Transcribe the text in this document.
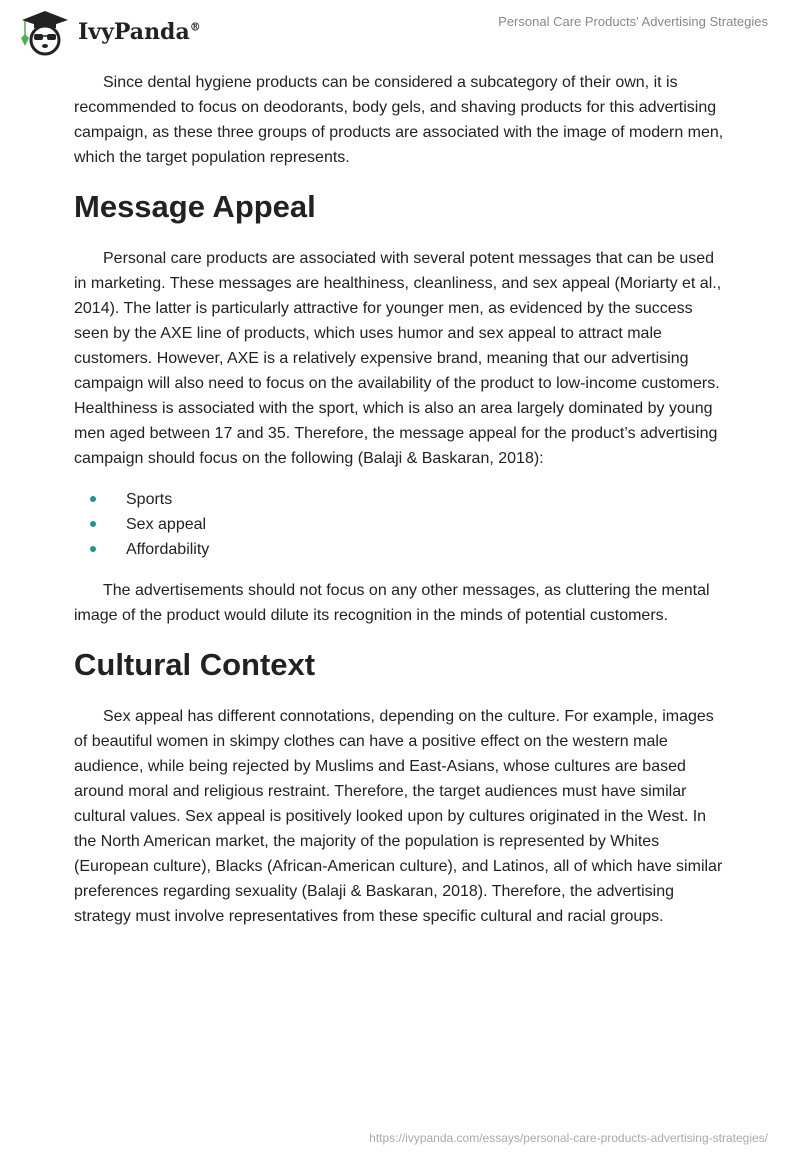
IvyPanda®	Personal Care Products' Advertising Strategies

Since dental hygiene products can be considered a subcategory of their own, it is recommended to focus on deodorants, body gels, and shaving products for this advertising campaign, as these three groups of products are associated with the image of modern men, which the target population represents.

Message Appeal

Personal care products are associated with several potent messages that can be used in marketing. These messages are healthiness, cleanliness, and sex appeal (Moriarty et al., 2014). The latter is particularly attractive for younger men, as evidenced by the success seen by the AXE line of products, which uses humor and sex appeal to attract male customers. However, AXE is a relatively expensive brand, meaning that our advertising campaign will also need to focus on the availability of the product to low-income customers. Healthiness is associated with the sport, which is also an area largely dominated by young men aged between 17 and 35. Therefore, the message appeal for the product’s advertising campaign should focus on the following (Balaji & Baskaran, 2018):

Sports
Sex appeal
Affordability

The advertisements should not focus on any other messages, as cluttering the mental image of the product would dilute its recognition in the minds of potential customers.

Cultural Context

Sex appeal has different connotations, depending on the culture. For example, images of beautiful women in skimpy clothes can have a positive effect on the western male audience, while being rejected by Muslims and East-Asians, whose cultures are based around moral and religious restraint. Therefore, the target audiences must have similar cultural values. Sex appeal is positively looked upon by cultures originated in the West. In the North American market, the majority of the population is represented by Whites (European culture), Blacks (African-American culture), and Latinos, all of which have similar preferences regarding sexuality (Balaji & Baskaran, 2018). Therefore, the advertising strategy must involve representatives from these specific cultural and racial groups.

https://ivypanda.com/essays/personal-care-products-advertising-strategies/
